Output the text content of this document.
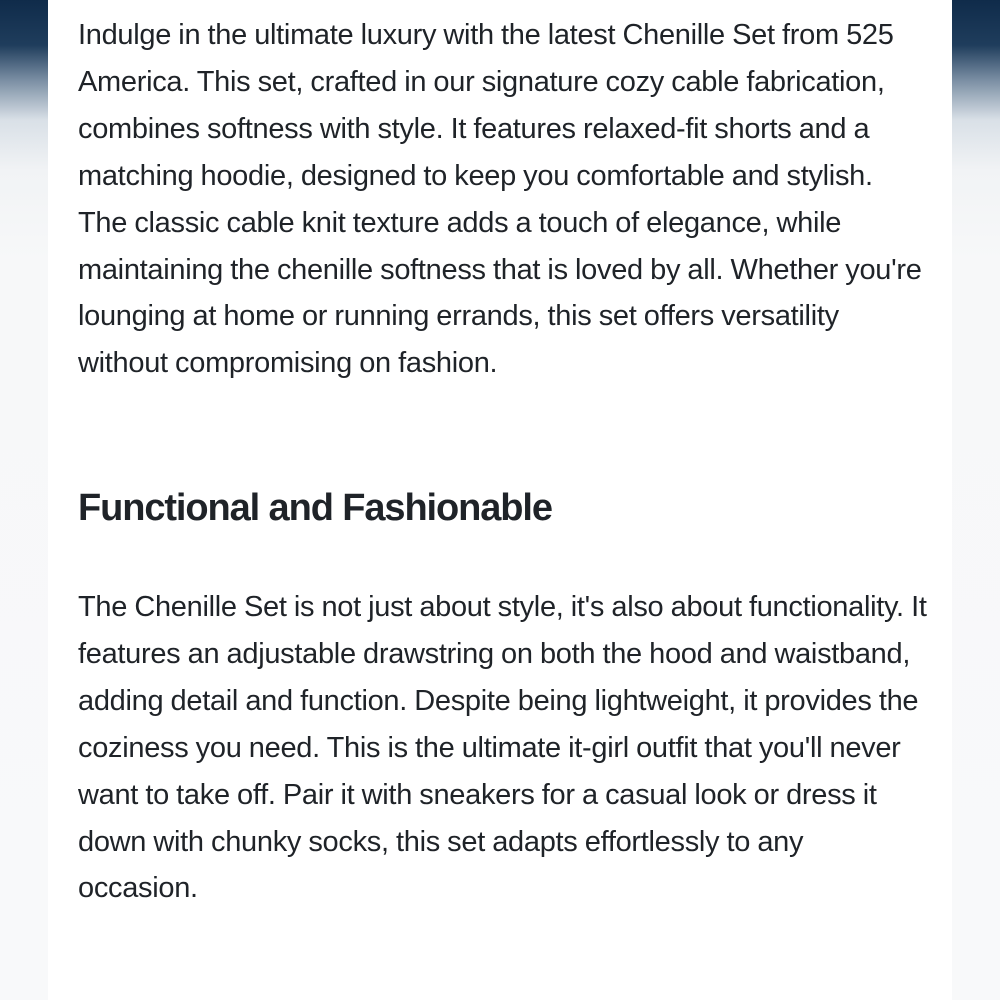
Indulge in the ultimate luxury with the latest Chenille Set from 525 America. This set, crafted in our signature cozy cable fabrication, combines softness with style. It features relaxed-fit shorts and a matching hoodie, designed to keep you comfortable and stylish. The classic cable knit texture adds a touch of elegance, while maintaining the chenille softness that is loved by all. Whether you're lounging at home or running errands, this set offers versatility without compromising on fashion.

Functional and Fashionable

The Chenille Set is not just about style, it's also about functionality. It features an adjustable drawstring on both the hood and waistband, adding detail and function. Despite being lightweight, it provides the coziness you need. This is the ultimate it-girl outfit that you'll never want to take off. Pair it with sneakers for a casual look or dress it down with chunky socks, this set adapts effortlessly to any occasion.
